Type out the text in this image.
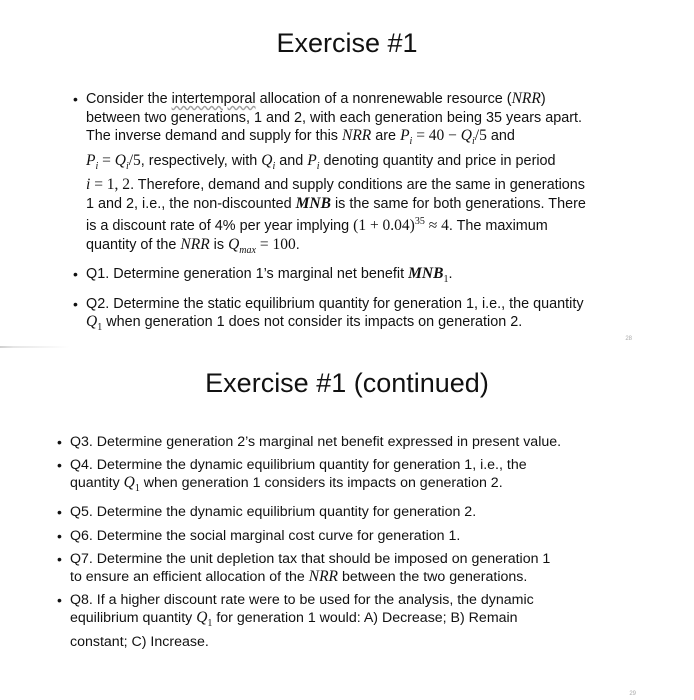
Exercise #1
• Consider the intertemporal allocation of a nonrenewable resource (NRR)
between two generations, 1 and 2, with each generation being 35 years apart.
The inverse demand and supply for this NRR are $P_i = 40 - Q_i/5$ and
$P_i = Q_i/5$, respectively, with $Q_i$ and $P_i$ denoting quantity and price in period
i = 1, 2. Therefore, demand and supply conditions are the same in generations
1 and 2, i.e., the non-discounted MNB is the same for both generations. There
is a discount rate of 4% per year implying $(1 + 0.04)^{35} \approx 4$. The maximum
quantity of the NRR is $Q_{max} = 100$.
• Q1. Determine generation 1’s marginal net benefit $MNB_1$.
• Q2. Determine the static equilibrium quantity for generation 1, i.e., the quantity
$Q_1$ when generation 1 does not consider its impacts on generation 2.
28
Exercise #1 (continued)
• Q3. Determine generation 2’s marginal net benefit expressed in present value.
• Q4. Determine the dynamic equilibrium quantity for generation 1, i.e., the
quantity $Q_1$ when generation 1 considers its impacts on generation 2.
• Q5. Determine the dynamic equilibrium quantity for generation 2.
• Q6. Determine the social marginal cost curve for generation 1.
• Q7. Determine the unit depletion tax that should be imposed on generation 1
to ensure an efficient allocation of the NRR between the two generations.
• Q8. If a higher discount rate were to be used for the analysis, the dynamic
equilibrium quantity $Q_1$ for generation 1 would: A) Decrease; B) Remain
constant; C) Increase.
29
